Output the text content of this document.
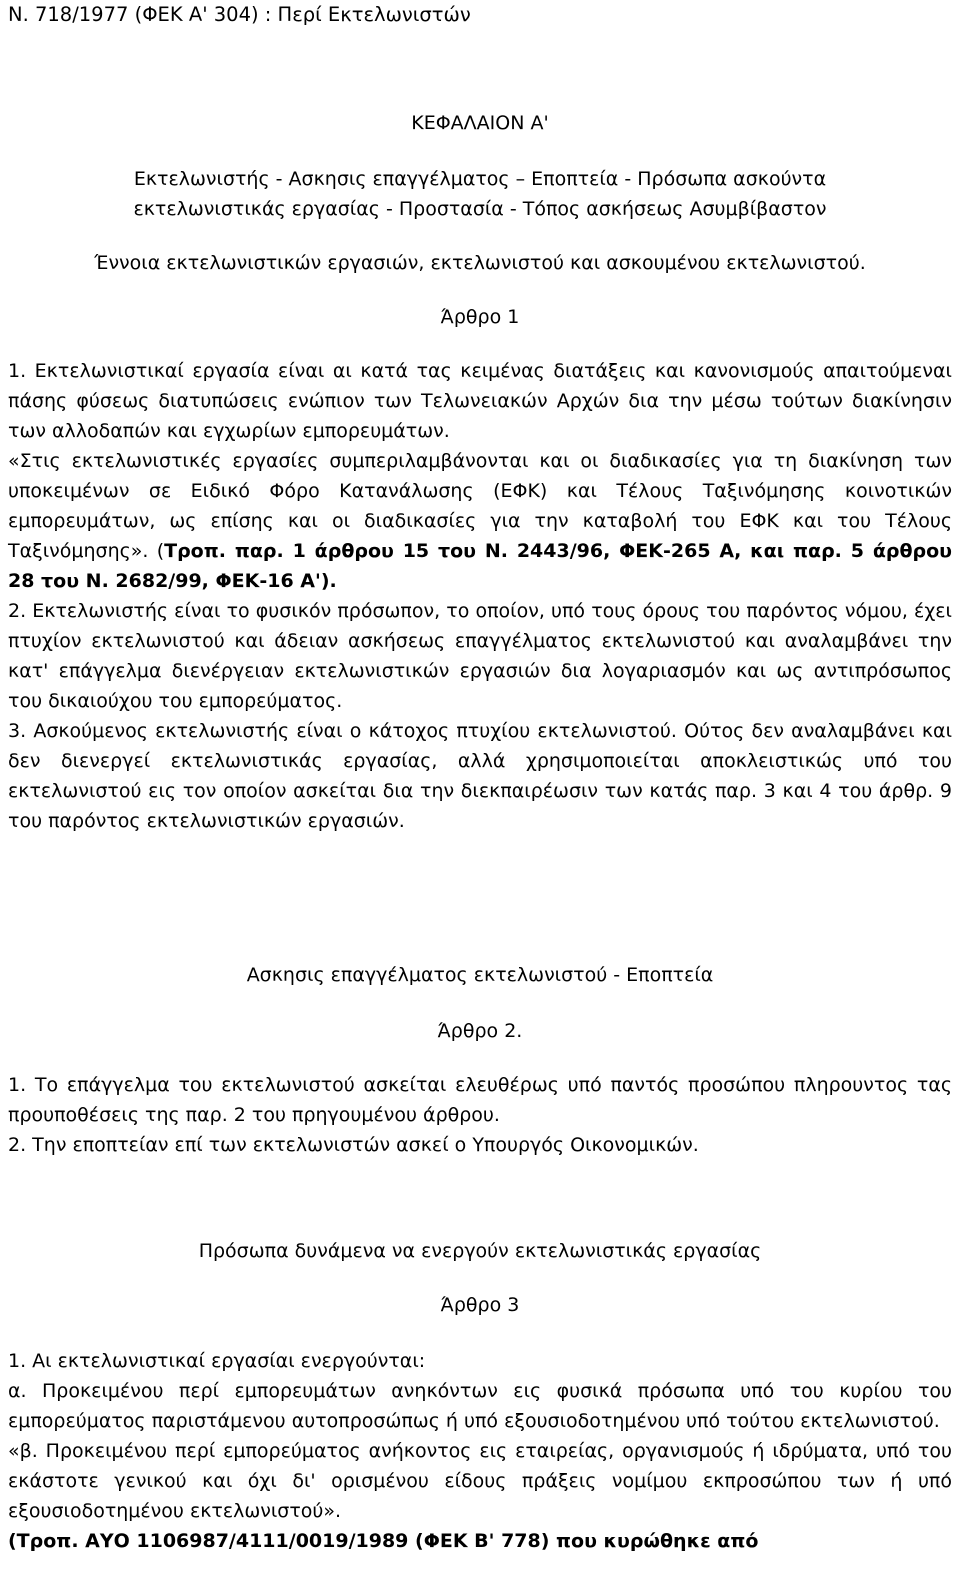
Ν. 718/1977 (ΦΕΚ Α' 304) : Περί Εκτελωνιστών
ΚΕΦΑΛΑΙΟΝ Α'
Εκτελωνιστής - Ασκησις επαγγέλματος – Εποπτεία - Πρόσωπα ασκούντα
εκτελωνιστικάς εργασίας - Προστασία - Τόπος ασκήσεως Ασυμβίβαστον
Έννοια εκτελωνιστικών εργασιών, εκτελωνιστού και ασκουμένου εκτελωνιστού.
Άρθρο 1

1. Εκτελωνιστικαί εργασία είναι αι κατά τας κειμένας διατάξεις και κανονισμούς απαιτούμεναι πάσης φύσεως διατυπώσεις ενώπιον των Τελωνειακών Αρχών δια την μέσω τούτων διακίνησιν των αλλοδαπών και εγχωρίων εμπορευμάτων.

«Στις εκτελωνιστικές εργασίες συμπεριλαμβάνονται και οι διαδικασίες για τη διακίνηση των υποκειμένων σε Ειδικό Φόρο Κατανάλωσης (ΕΦΚ) και Τέλους Ταξινόμησης κοινοτικών εμπορευμάτων, ως επίσης και οι διαδικασίες για την καταβολή του ΕΦΚ και του Τέλους Ταξινόμησης». (Τροπ. παρ. 1 άρθρου 15 του Ν. 2443/96, ΦΕΚ-265 Α, και παρ. 5 άρθρου 28 του Ν. 2682/99, ΦΕΚ-16 Α').

2. Εκτελωνιστής είναι το φυσικόν πρόσωπον, το οποίον, υπό τους όρους του παρόντος νόμου, έχει πτυχίον εκτελωνιστού και άδειαν ασκήσεως επαγγέλματος εκτελωνιστού και αναλαμβάνει την κατ' επάγγελμα διενέργειαν εκτελωνιστικών εργασιών δια λογαριασμόν και ως αντιπρόσωπος του δικαιούχου του εμπορεύματος.

3. Ασκούμενος εκτελωνιστής είναι ο κάτοχος πτυχίου εκτελωνιστού. Ούτος δεν αναλαμβάνει και δεν διενεργεί εκτελωνιστικάς εργασίας, αλλά χρησιμοποιείται αποκλειστικώς υπό του εκτελωνιστού εις τον οποίον ασκείται δια την διεκπαιρέωσιν των κατάς παρ. 3 και 4 του άρθρ. 9 του παρόντος εκτελωνιστικών εργασιών.

Ασκησις επαγγέλματος εκτελωνιστού - Εποπτεία
Άρθρο 2.

1. Το επάγγελμα του εκτελωνιστού ασκείται ελευθέρως υπό παντός προσώπου πληρουντος τας προυποθέσεις της παρ. 2 του πρηγουμένου άρθρου.

2. Την εποπτείαν επί των εκτελωνιστών ασκεί ο Υπουργός Οικονομικών.

Πρόσωπα δυνάμενα να ενεργούν εκτελωνιστικάς εργασίας
Άρθρο 3

1. Αι εκτελωνιστικαί εργασίαι ενεργούνται:

α. Προκειμένου περί εμπορευμάτων ανηκόντων εις φυσικά πρόσωπα υπό του κυρίου του εμπορεύματος παριστάμενου αυτοπροσώπως ή υπό εξουσιοδοτημένου υπό τούτου εκτελωνιστού.

«β. Προκειμένου περί εμπορεύματος ανήκοντος εις εταιρείας, οργανισμούς ή ιδρύματα, υπό του εκάστοτε γενικού και όχι δι' ορισμένου είδους πράξεις νομίμου εκπροσώπου των ή υπό εξουσιοδοτημένου εκτελωνιστού».

(Τροπ. ΑΥΟ 1106987/4111/0019/1989 (ΦΕΚ Β' 778) που κυρώθηκε από
